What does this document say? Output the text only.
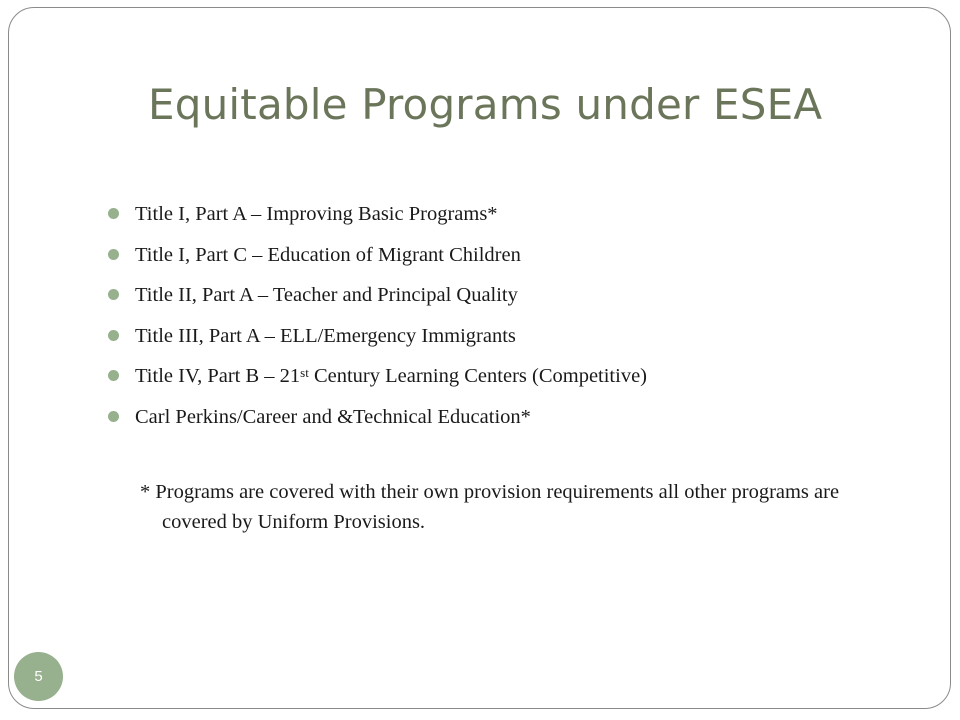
Equitable Programs under ESEA
Title I, Part A – Improving Basic Programs*
Title I, Part C – Education of Migrant Children
Title II, Part A – Teacher and Principal Quality
Title III, Part A – ELL/Emergency Immigrants
Title IV, Part B – 21st Century Learning Centers (Competitive)
Carl Perkins/Career and &Technical Education*

* Programs are covered with their own provision requirements all other programs are covered by Uniform Provisions.

5
